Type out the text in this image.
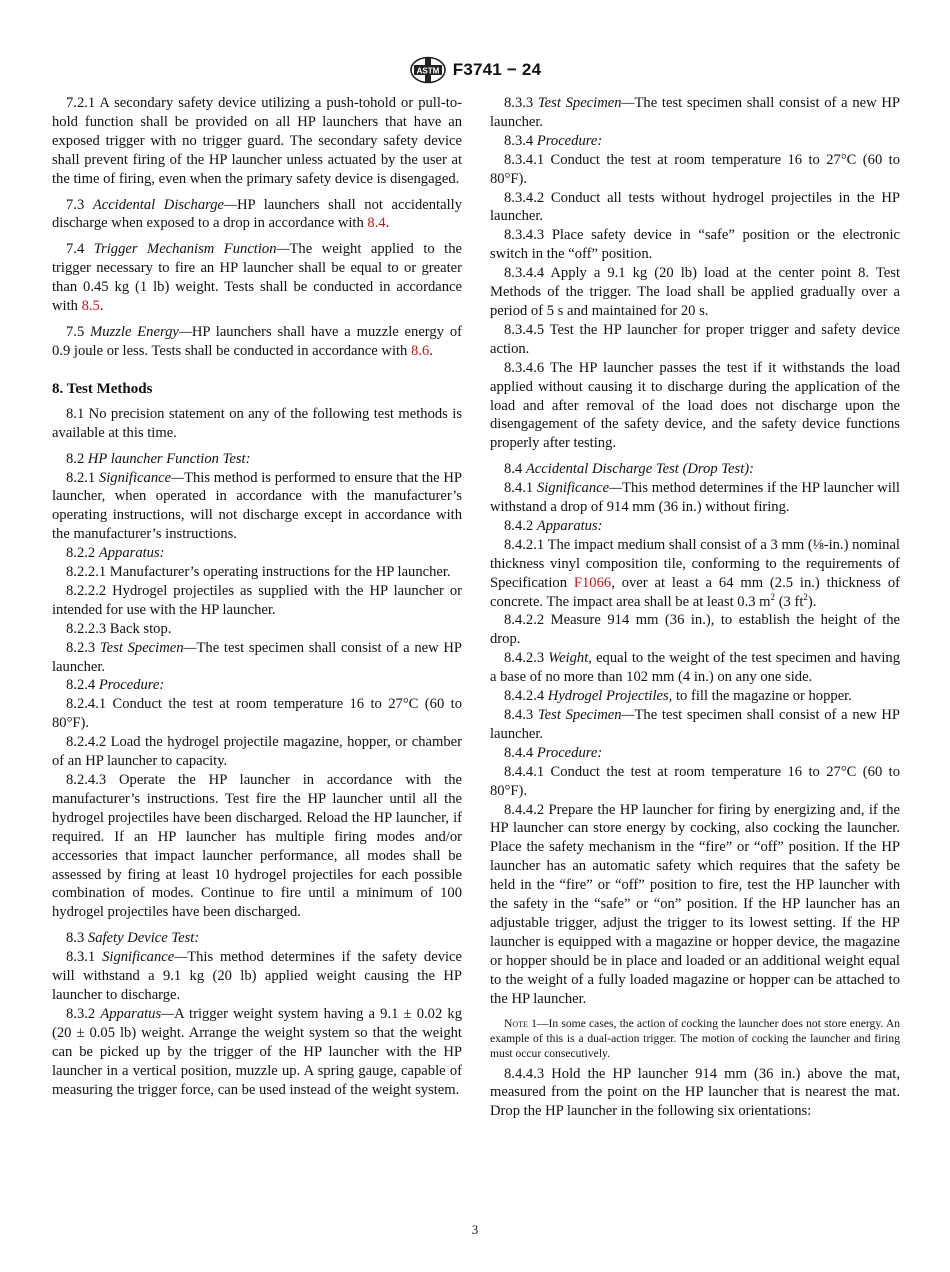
ASTM F3741 − 24

7.2.1 A secondary safety device utilizing a push-tohold or pull-to-hold function shall be provided on all HP launchers that have an exposed trigger with no trigger guard. The secondary safety device shall prevent firing of the HP launcher unless actuated by the user at the time of firing, even when the primary safety device is disengaged.

7.3 Accidental Discharge—HP launchers shall not accidentally discharge when exposed to a drop in accordance with 8.4.

7.4 Trigger Mechanism Function—The weight applied to the trigger necessary to fire an HP launcher shall be equal to or greater than 0.45 kg (1 lb) weight. Tests shall be conducted in accordance with 8.5.

7.5 Muzzle Energy—HP launchers shall have a muzzle energy of 0.9 joule or less. Tests shall be conducted in accordance with 8.6.

8. Test Methods

8.1 No precision statement on any of the following test methods is available at this time.

8.2 HP launcher Function Test:

8.2.1 Significance—This method is performed to ensure that the HP launcher, when operated in accordance with the manufacturer’s operating instructions, will not discharge except in accordance with the manufacturer’s instructions.

8.2.2 Apparatus:

8.2.2.1 Manufacturer’s operating instructions for the HP launcher.

8.2.2.2 Hydrogel projectiles as supplied with the HP launcher or intended for use with the HP launcher.

8.2.2.3 Back stop.

8.2.3 Test Specimen—The test specimen shall consist of a new HP launcher.

8.2.4 Procedure:

8.2.4.1 Conduct the test at room temperature 16 to 27°C (60 to 80°F).

8.2.4.2 Load the hydrogel projectile magazine, hopper, or chamber of an HP launcher to capacity.

8.2.4.3 Operate the HP launcher in accordance with the manufacturer’s instructions. Test fire the HP launcher until all the hydrogel projectiles have been discharged. Reload the HP launcher, if required. If an HP launcher has multiple firing modes and/or accessories that impact launcher performance, all modes shall be assessed by firing at least 10 hydrogel projectiles for each possible combination of modes. Continue to fire until a minimum of 100 hydrogel projectiles have been discharged.

8.3 Safety Device Test:

8.3.1 Significance—This method determines if the safety device will withstand a 9.1 kg (20 lb) applied weight causing the HP launcher to discharge.

8.3.2 Apparatus—A trigger weight system having a 9.1 ± 0.02 kg (20 ± 0.05 lb) weight. Arrange the weight system so that the weight can be picked up by the trigger of the HP launcher with the HP launcher in a vertical position, muzzle up. A spring gauge, capable of measuring the trigger force, can be used instead of the weight system.

8.3.3 Test Specimen—The test specimen shall consist of a new HP launcher.

8.3.4 Procedure:

8.3.4.1 Conduct the test at room temperature 16 to 27°C (60 to 80°F).

8.3.4.2 Conduct all tests without hydrogel projectiles in the HP launcher.

8.3.4.3 Place safety device in “safe” position or the electronic switch in the “off” position.

8.3.4.4 Apply a 9.1 kg (20 lb) load at the center point 8. Test Methods of the trigger. The load shall be applied gradually over a period of 5 s and maintained for 20 s.

8.3.4.5 Test the HP launcher for proper trigger and safety device action.

8.3.4.6 The HP launcher passes the test if it withstands the load applied without causing it to discharge during the application of the load and after removal of the load does not discharge upon the disengagement of the safety device, and the safety device functions properly after testing.

8.4 Accidental Discharge Test (Drop Test):

8.4.1 Significance—This method determines if the HP launcher will withstand a drop of 914 mm (36 in.) without firing.

8.4.2 Apparatus:

8.4.2.1 The impact medium shall consist of a 3 mm (⅛-in.) nominal thickness vinyl composition tile, conforming to the requirements of Specification F1066, over at least a 64 mm (2.5 in.) thickness of concrete. The impact area shall be at least 0.3 $m^2$ (3 $ft^2$).

8.4.2.2 Measure 914 mm (36 in.), to establish the height of the drop.

8.4.2.3 Weight, equal to the weight of the test specimen and having a base of no more than 102 mm (4 in.) on any one side.

8.4.2.4 Hydrogel Projectiles, to fill the magazine or hopper.

8.4.3 Test Specimen—The test specimen shall consist of a new HP launcher.

8.4.4 Procedure:

8.4.4.1 Conduct the test at room temperature 16 to 27°C (60 to 80°F).

8.4.4.2 Prepare the HP launcher for firing by energizing and, if the HP launcher can store energy by cocking, also cocking the launcher. Place the safety mechanism in the “fire” or “off” position. If the HP launcher has an automatic safety which requires that the safety be held in the “fire” or “off” position to fire, test the HP launcher with the safety in the “safe” or “on” position. If the HP launcher has an adjustable trigger, adjust the trigger to its lowest setting. If the HP launcher is equipped with a magazine or hopper device, the magazine or hopper should be in place and loaded or an additional weight equal to the weight of a fully loaded magazine or hopper can be attached to the HP launcher.

Note 1—In some cases, the action of cocking the launcher does not store energy. An example of this is a dual-action trigger. The motion of cocking the launcher and firing must occur consecutively.

8.4.4.3 Hold the HP launcher 914 mm (36 in.) above the mat, measured from the point on the HP launcher that is nearest the mat. Drop the HP launcher in the following six orientations:

3
